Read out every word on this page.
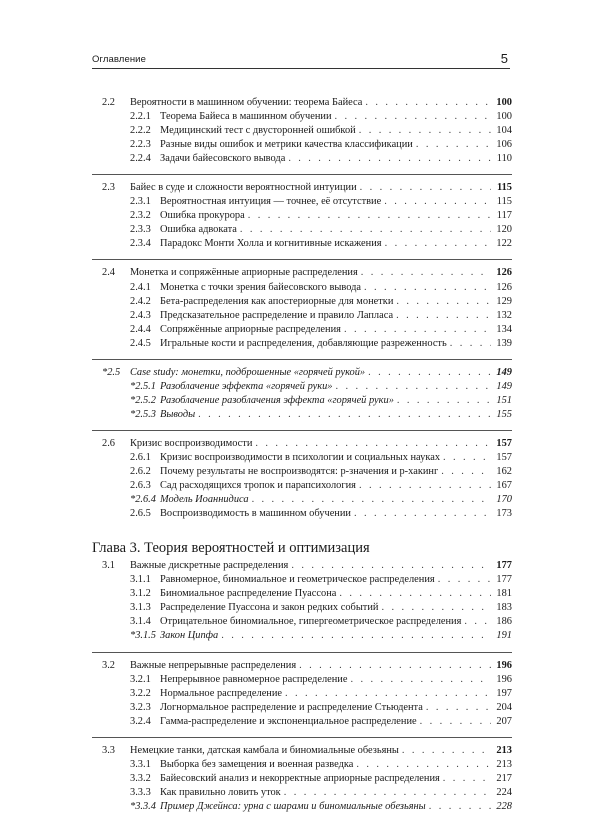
Оглавление	5
2.2 Вероятности в машинном обучении: теорема Байеса . . .	100
2.2.1 Теорема Байеса в машинном обучении . . .	100
2.2.2 Медицинский тест с двусторонней ошибкой . . .	104
2.2.3 Разные виды ошибок и метрики качества классификации . . .	106
2.2.4 Задачи байесовского вывода . . .	110
2.3 Байес в суде и сложности вероятностной интуиции . . .	115
2.3.1 Вероятностная интуиция — точнее, её отсутствие . . .	115
2.3.2 Ошибка прокурора . . .	117
2.3.3 Ошибка адвоката . . .	120
2.3.4 Парадокс Монти Холла и когнитивные искажения . . .	122
2.4 Монетка и сопряжённые априорные распределения . . .	126
2.4.1 Монетка с точки зрения байесовского вывода . . .	126
2.4.2 Бета-распределения как апостериорные для монетки . . .	129
2.4.3 Предсказательное распределение и правило Лапласа . . .	132
2.4.4 Сопряжённые априорные распределения . . .	134
2.4.5 Игральные кости и распределения, добавляющие разреженность . . .	139
*2.5 Case study: монетки, подброшенные «горячей рукой» . . .	149
*2.5.1 Разоблачение эффекта «горячей руки» . . .	149
*2.5.2 Разоблачение разоблачения эффекта «горячей руки» . . .	151
*2.5.3 Выводы . . .	155
2.6 Кризис воспроизводимости . . .	157
2.6.1 Кризис воспроизводимости в психологии и социальных науках . . .	157
2.6.2 Почему результаты не воспроизводятся: p-значения и p-хакинг . . .	162
2.6.3 Сад расходящихся тропок и парапсихология . . .	167
*2.6.4 Модель Иоаннидиса . . .	170
2.6.5 Воспроизводимость в машинном обучении . . .	173
Глава 3. Теория вероятностей и оптимизация
3.1 Важные дискретные распределения . . .	177
3.1.1 Равномерное, биномиальное и геометрическое распределения . . .	177
3.1.2 Биномиальное распределение Пуассона . . .	181
3.1.3 Распределение Пуассона и закон редких событий . . .	183
3.1.4 Отрицательное биномиальное, гипергеометрическое распределения . . .	186
*3.1.5 Закон Ципфа . . .	191
3.2 Важные непрерывные распределения . . .	196
3.2.1 Непрерывное равномерное распределение . . .	196
3.2.2 Нормальное распределение . . .	197
3.2.3 Логнормальное распределение и распределение Стьюдента . . .	204
3.2.4 Гамма-распределение и экспоненциальное распределение . . .	207
3.3 Немецкие танки, датская камбала и биномиальные обезьяны . . .	213
3.3.1 Выборка без замещения и военная разведка . . .	213
3.3.2 Байесовский анализ и некорректные априорные распределения . . .	217
3.3.3 Как правильно ловить уток . . .	224
*3.3.4 Пример Джейнса: урна с шарами и биномиальные обезьяны . . .	228
